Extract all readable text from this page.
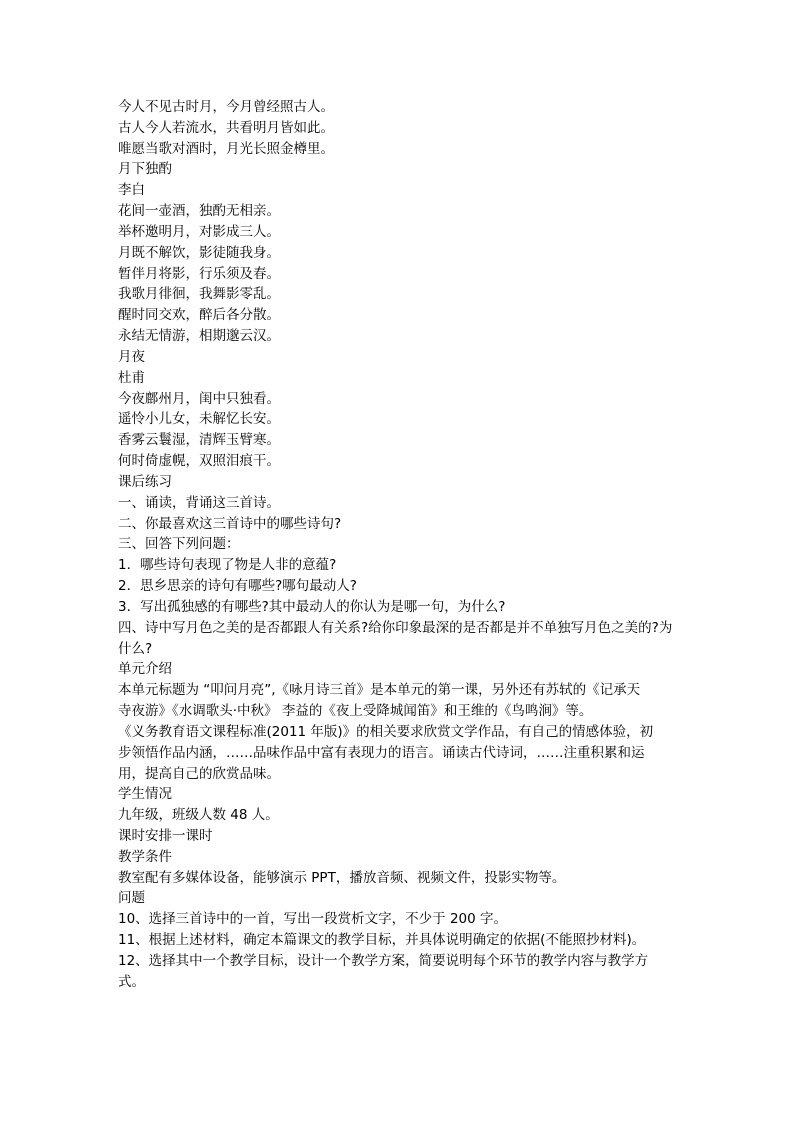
今人不见古时月，今月曾经照古人。
古人今人若流水，共看明月皆如此。
唯愿当歌对酒时，月光长照金樽里。
月下独酌
李白
花间一壶酒，独酌无相亲。
举杯邀明月，对影成三人。
月既不解饮，影徒随我身。
暂伴月将影，行乐须及春。
我歌月徘徊，我舞影零乱。
醒时同交欢，醉后各分散。
永结无情游，相期邈云汉。
月夜
杜甫
今夜鄜州月，闺中只独看。
遥怜小儿女，未解忆长安。
香雾云鬟湿，清辉玉臂寒。
何时倚虚幌，双照泪痕干。
课后练习
一、诵读，背诵这三首诗。
二、你最喜欢这三首诗中的哪些诗句?
三、回答下列问题：
1．哪些诗句表现了物是人非的意蕴?
2．思乡思亲的诗句有哪些?哪句最动人?
3．写出孤独感的有哪些?其中最动人的你认为是哪一句，为什么?
四、诗中写月色之美的是否都跟人有关系?给你印象最深的是否都是并不单独写月色之美的?为
什么?
单元介绍
本单元标题为 “叩问月亮”,《咏月诗三首》是本单元的第一课，另外还有苏轼的《记承天
寺夜游》《水调歌头·中秋》 李益的《夜上受降城闻笛》和王维的《鸟鸣涧》等。
《义务教育语文课程标准(2011 年版)》的相关要求欣赏文学作品，有自己的情感体验，初
步领悟作品内涵，……品味作品中富有表现力的语言。诵读古代诗词，……注重积累和运
用，提高自己的欣赏品味。
学生情况
九年级，班级人数 48 人。
课时安排一课时
教学条件
教室配有多媒体设备，能够演示 PPT，播放音频、视频文件，投影实物等。
问题
10、选择三首诗中的一首，写出一段赏析文字，不少于 200 字。
11、根据上述材料，确定本篇课文的教学目标，并具体说明确定的依据(不能照抄材料)。
12、选择其中一个教学目标，设计一个教学方案，简要说明每个环节的教学内容与教学方
式。
